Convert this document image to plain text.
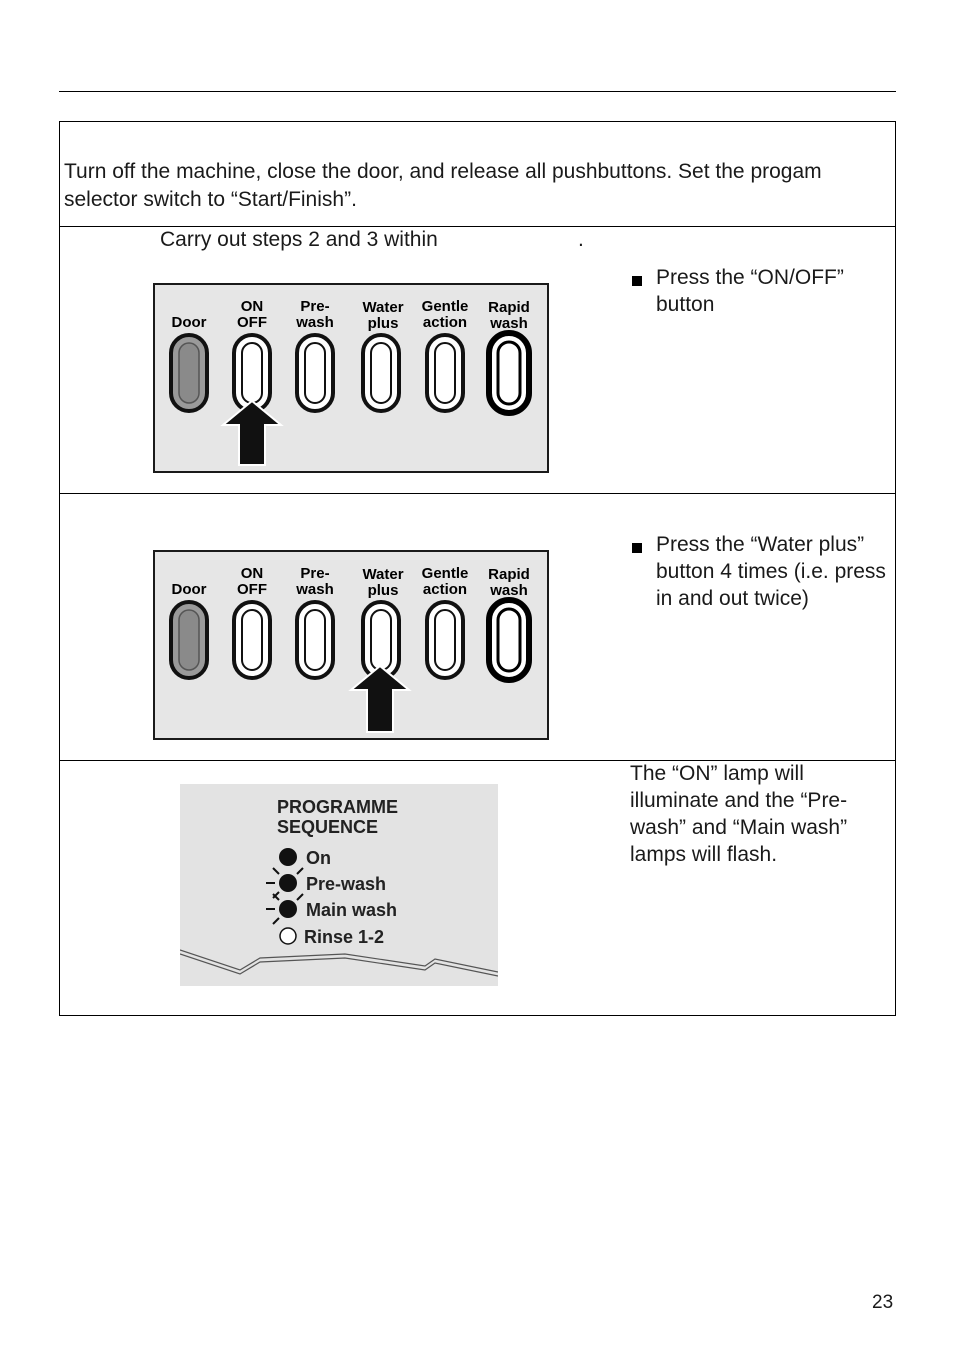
Turn off the machine, close the door, and release all pushbuttons. Set the progam selector switch to “Start/Finish”.
Carry out steps 2 and 3 within	.
Door
ON
OFF
Pre-
wash
Water
plus
Gentle
action
Rapid
wash
Press the “ON/OFF” button
Door
ON
OFF
Pre-
wash
Water
plus
Gentle
action
Rapid
wash
Press the “Water plus” button 4 times (i.e. press in and out twice)
PROGRAMME
SEQUENCE
On
Pre-wash
Main wash
Rinse 1-2
The “ON” lamp will illuminate and the “Pre-wash” and “Main wash” lamps will flash.
23
